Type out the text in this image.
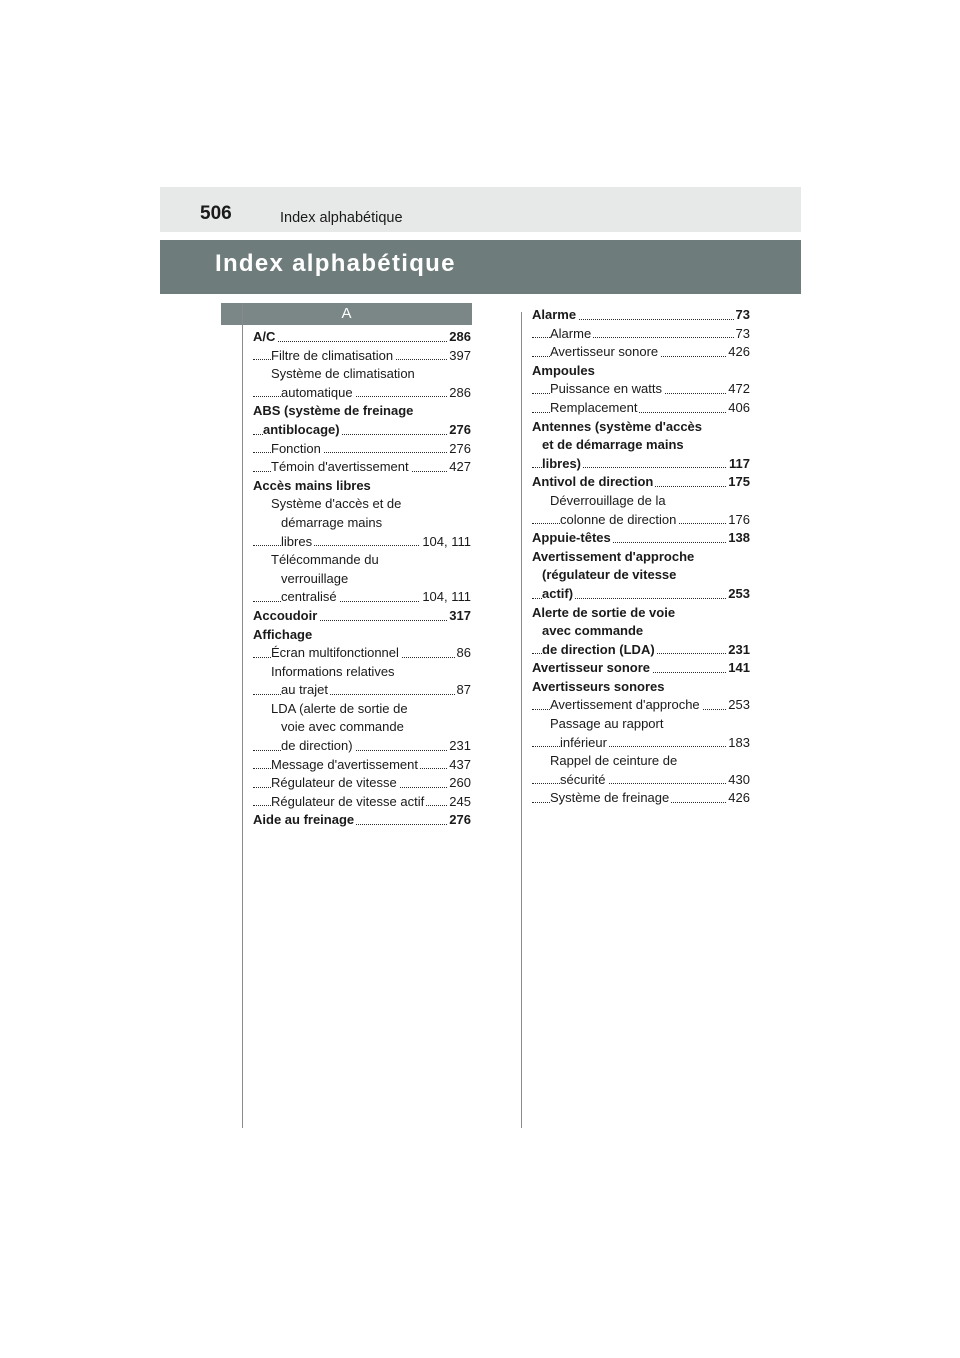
506	Index alphabétique
Index alphabétique
A
A/C	286
Filtre de climatisation	397
Système de climatisation
automatique	286
ABS (système de freinage
antiblocage)	276
Fonction	276
Témoin d'avertissement	427
Accès mains libres
Système d'accès et de
démarrage mains
libres	104, 111
Télécommande du
verrouillage
centralisé	104, 111
Accoudoir	317
Affichage
Écran multifonctionnel	86
Informations relatives
au trajet	87
LDA (alerte de sortie de
voie avec commande
de direction)	231
Message d'avertissement 437
Régulateur de vitesse	260
Régulateur de vitesse actif 245
Aide au freinage	276
Alarme	73
Alarme	73
Avertisseur sonore	426
Ampoules
Puissance en watts	472
Remplacement	406
Antennes (système d'accès
et de démarrage mains
libres)	117
Antivol de direction	175
Déverrouillage de la
colonne de direction	176
Appuie-têtes	138
Avertissement d'approche
(régulateur de vitesse
actif)	253
Alerte de sortie de voie
avec commande
de direction (LDA)	231
Avertisseur sonore	141
Avertisseurs sonores
Avertissement d'approche 253
Passage au rapport
inférieur	183
Rappel de ceinture de
sécurité	430
Système de freinage	426
